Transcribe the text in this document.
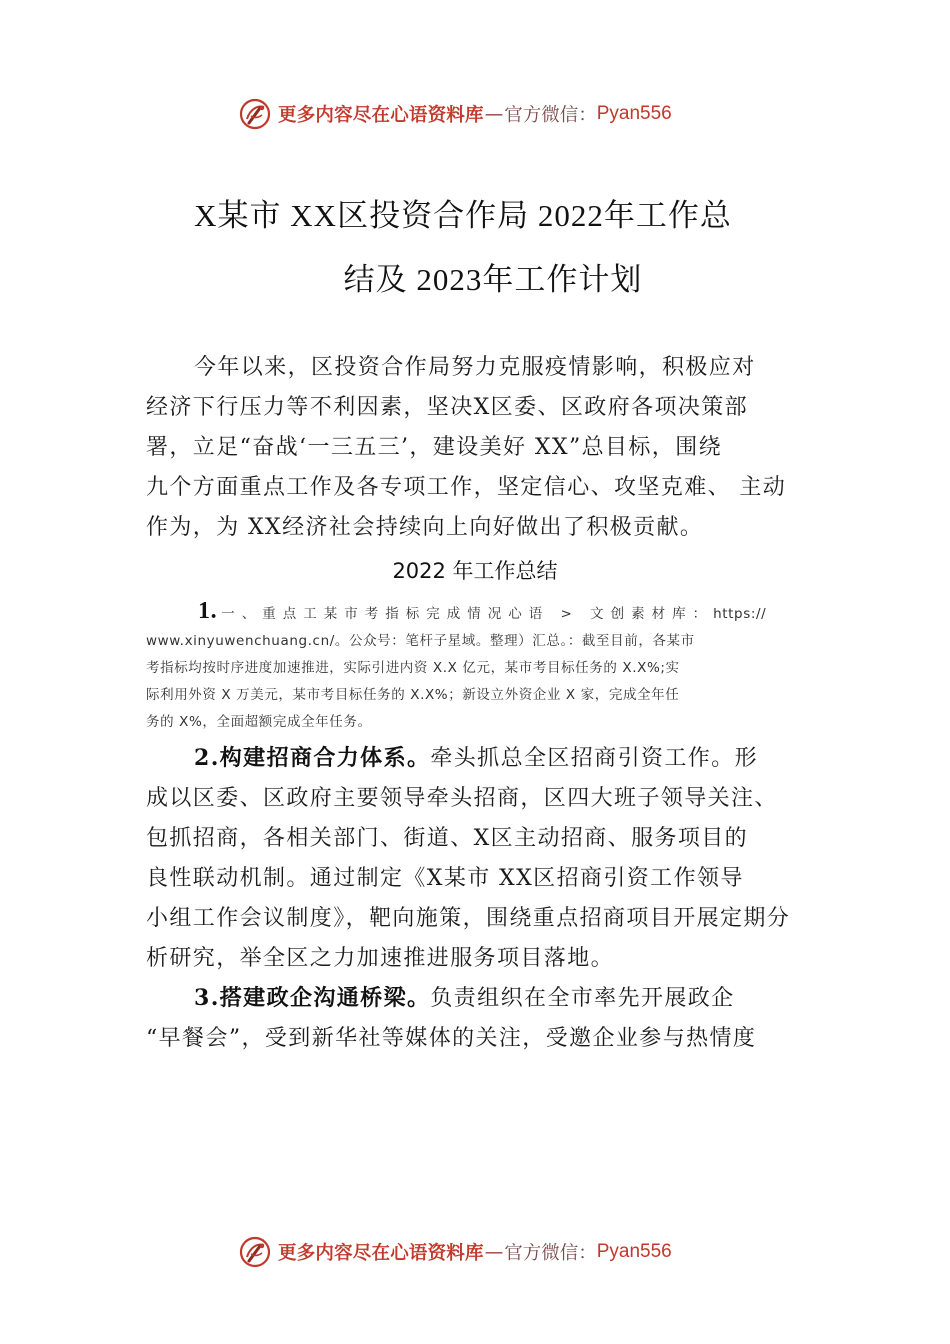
更多内容尽在心语资料库 — 官方微信： Pyan556
X某市 XX区投资合作局 2022年工作总
结及 2023年工作计划
今年以来，区投资合作局努力克服疫情影响，积极应对
经济下行压力等不利因素，坚决X区委、区政府各项决策部
署，立足“奋战‘一三五三’，建设美好 XX”总目标，围绕
九个方面重点工作及各专项工作，坚定信心、攻坚克难、 主动
作为，为 XX经济社会持续向上向好做出了积极贡献。
2022 年工作总结
1. 一、重点工某市考指标完成情况心语 > 文创素材库：https://
www.xinyuwenchuang.cn/。公众号：笔杆子星域。整理）汇总。：截至目前，各某市
考指标均按时序进度加速推进，实际引进内资 X.X 亿元，某市考目标任务的 X.X%;实
际利用外资 X 万美元，某市考目标任务的 X.X%；新设立外资企业 X 家，完成全年任
务的 X%，全面超额完成全年任务。
2.构建招商合力体系。牵头抓总全区招商引资工作。形
成以区委、区政府主要领导牵头招商，区四大班子领导关注、
包抓招商，各相关部门、街道、X区主动招商、服务项目的
良性联动机制。通过制定《X某市 XX区招商引资工作领导
小组工作会议制度》，靶向施策，围绕重点招商项目开展定期分
析研究，举全区之力加速推进服务项目落地。
3.搭建政企沟通桥梁。负责组织在全市率先开展政企
“早餐会”，受到新华社等媒体的关注，受邀企业参与热情度
更多内容尽在心语资料库 — 官方微信： Pyan556
